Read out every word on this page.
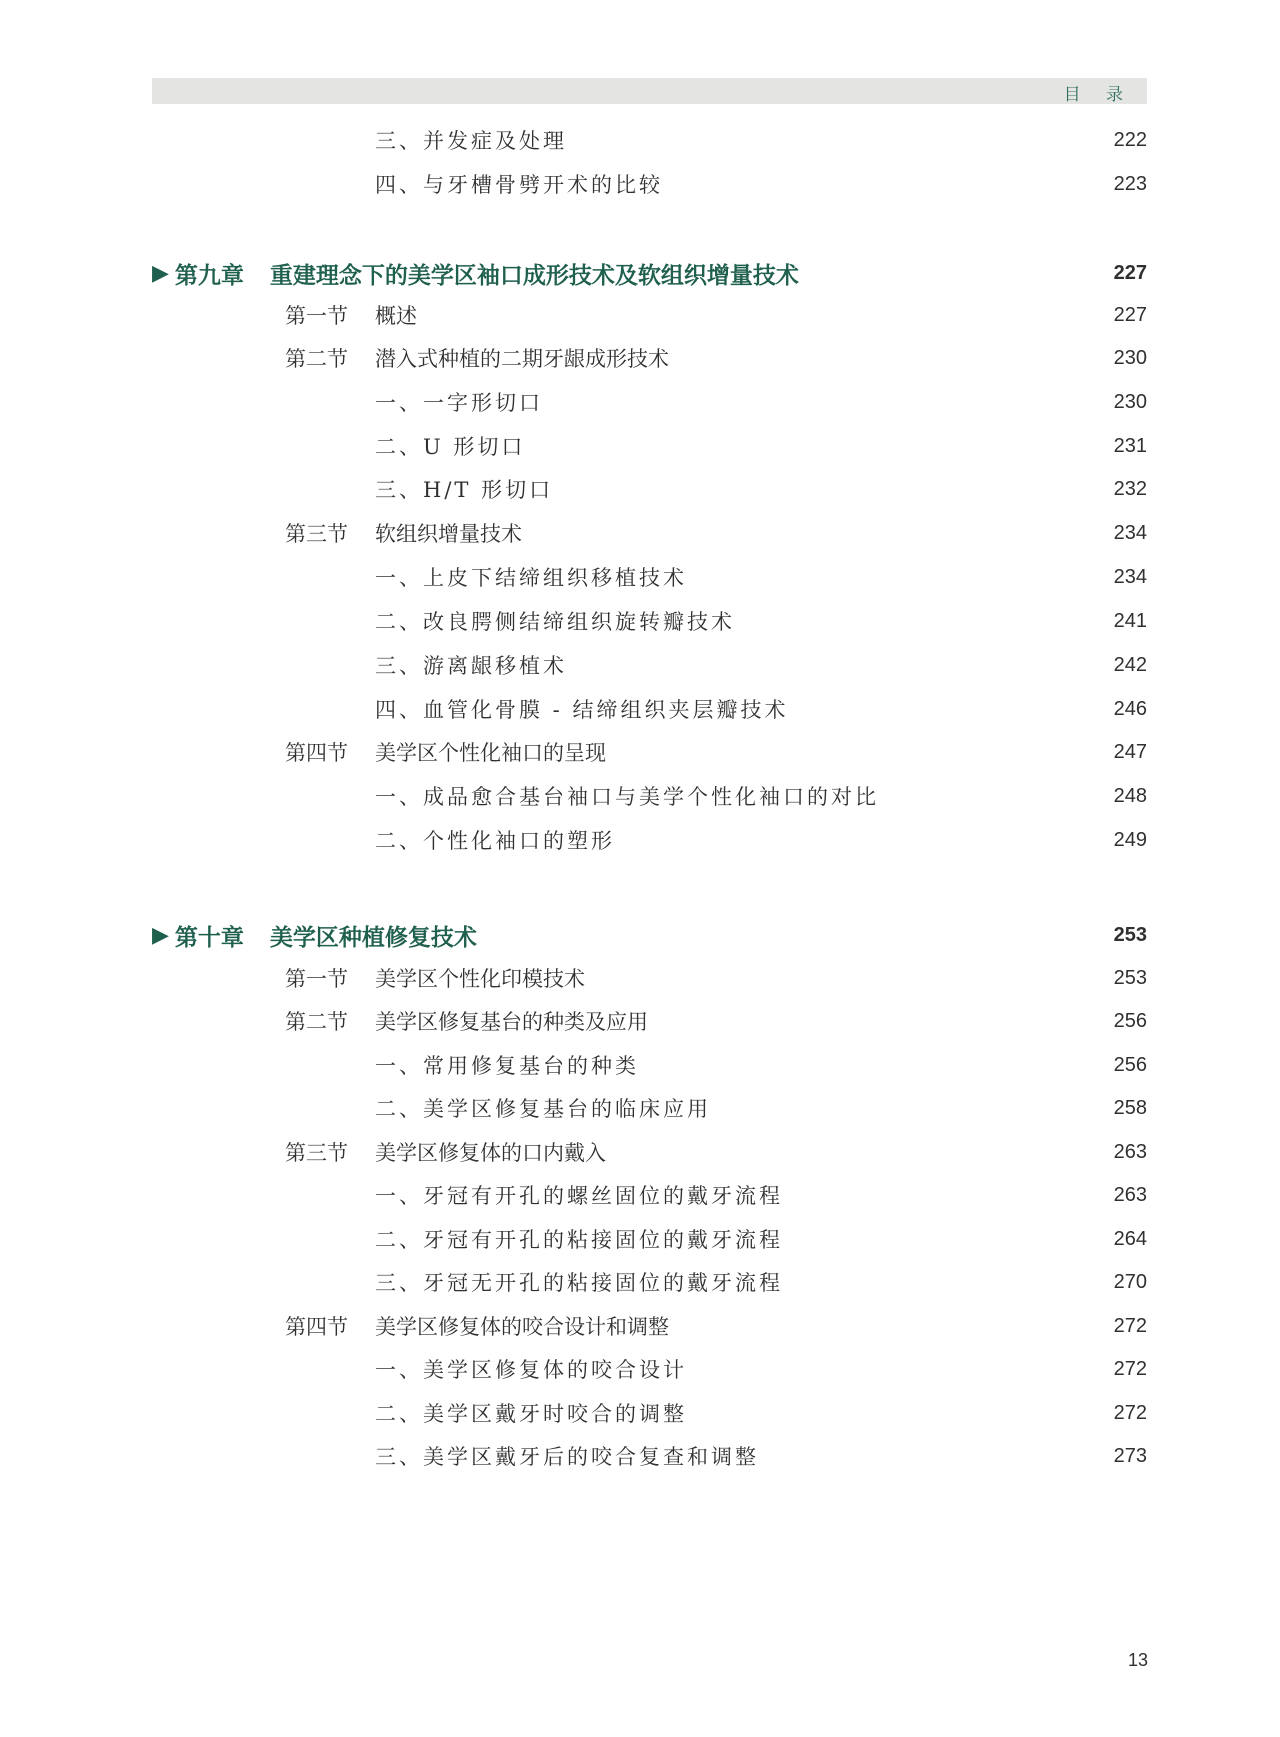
目 录
三、并发症及处理	222
四、与牙槽骨劈开术的比较	223
▶ 第九章 重建理念下的美学区袖口成形技术及软组织增量技术	227
第一节	概述	227
第二节	潜入式种植的二期牙龈成形技术	230
一、一字形切口	230
二、U 形切口	231
三、H/T 形切口	232
第三节	软组织增量技术	234
一、上皮下结缔组织移植技术	234
二、改良腭侧结缔组织旋转瓣技术	241
三、游离龈移植术	242
四、血管化骨膜 - 结缔组织夹层瓣技术	246
第四节	美学区个性化袖口的呈现	247
一、成品愈合基台袖口与美学个性化袖口的对比	248
二、个性化袖口的塑形	249
▶ 第十章 美学区种植修复技术	253
第一节	美学区个性化印模技术	253
第二节	美学区修复基台的种类及应用	256
一、常用修复基台的种类	256
二、美学区修复基台的临床应用	258
第三节	美学区修复体的口内戴入	263
一、牙冠有开孔的螺丝固位的戴牙流程	263
二、牙冠有开孔的粘接固位的戴牙流程	264
三、牙冠无开孔的粘接固位的戴牙流程	270
第四节	美学区修复体的咬合设计和调整	272
一、美学区修复体的咬合设计	272
二、美学区戴牙时咬合的调整	272
三、美学区戴牙后的咬合复查和调整	273
13
